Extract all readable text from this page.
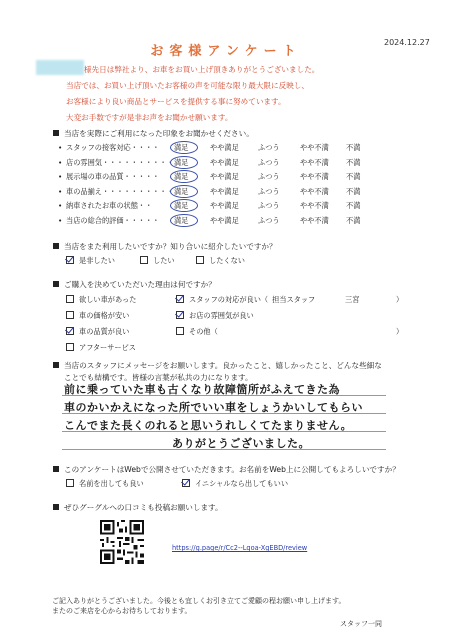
2024.12.27
お客様アンケート
様先日は弊社より、お車をお買い上げ頂きありがとうございました。
当店では、お買い上げ頂いたお客様の声を可能な限り最大限に反映し、
お客様により良い商品とサービスを提供する事に努めています。
大変お手数ですが是非お声をお聞かせ願います。
当店を実際にご利用になった印象をお聞かせください。
• スタッフの接客対応・・・・ 満足	やや満足	ふつう	やや不満 不満
• 店の雰囲気・・・・・・・・・・ 満足	やや満足	ふつう	やや不満 不満
• 展示場の車の品質・・・・・ 満足	やや満足	ふつう	やや不満 不満
• 車の品揃え・・・・・・・・・・ 満足	やや満足	ふつう	やや不満 不満
• 納車されたお車の状態・・	満足	やや満足	ふつう	やや不満 不満
• 当店の総合的評価・・・・・ 満足	やや満足	ふつう	やや不満 不満
当店をまた利用したいですか？知り合いに紹介したいですか？
是非したい	したい	したくない
ご購入を決めていただいた理由は何ですか？
欲しい車があった
車の価格が安い
車の品質が良い
アフターサービス
スタッフの対応が良い（ 担当スタッフ	三宮	）
お店の雰囲気が良い
その他（	）
当店のスタッフにメッセージをお願いします。良かったこと、嬉しかったこと、どんな些細な
ことでも結構です。皆様の言葉が私共の力になります。
前に乗っていた車も古くなり故障箇所がふえてきた為
車のかいかえになった所でいい車をしょうかいしてもらい
こんでまた長くのれると思いうれしくてたまりません。
ありがとうございました。
このアンケートはWebで公開させていただきます。お名前をWeb上に公開してもよろしいですか？
名前を出しても良い	イニシャルなら出してもいい
ぜひグーグルへの口コミも投稿お願いします。
https://g.page/r/Cc2--Lqoa-XgEBD/review
ご記入ありがとうございました。今後とも宜しくお引き立てご愛顧の程お願い申し上げます。
またのご来店を心からお待ちしております。
スタッフ一同
